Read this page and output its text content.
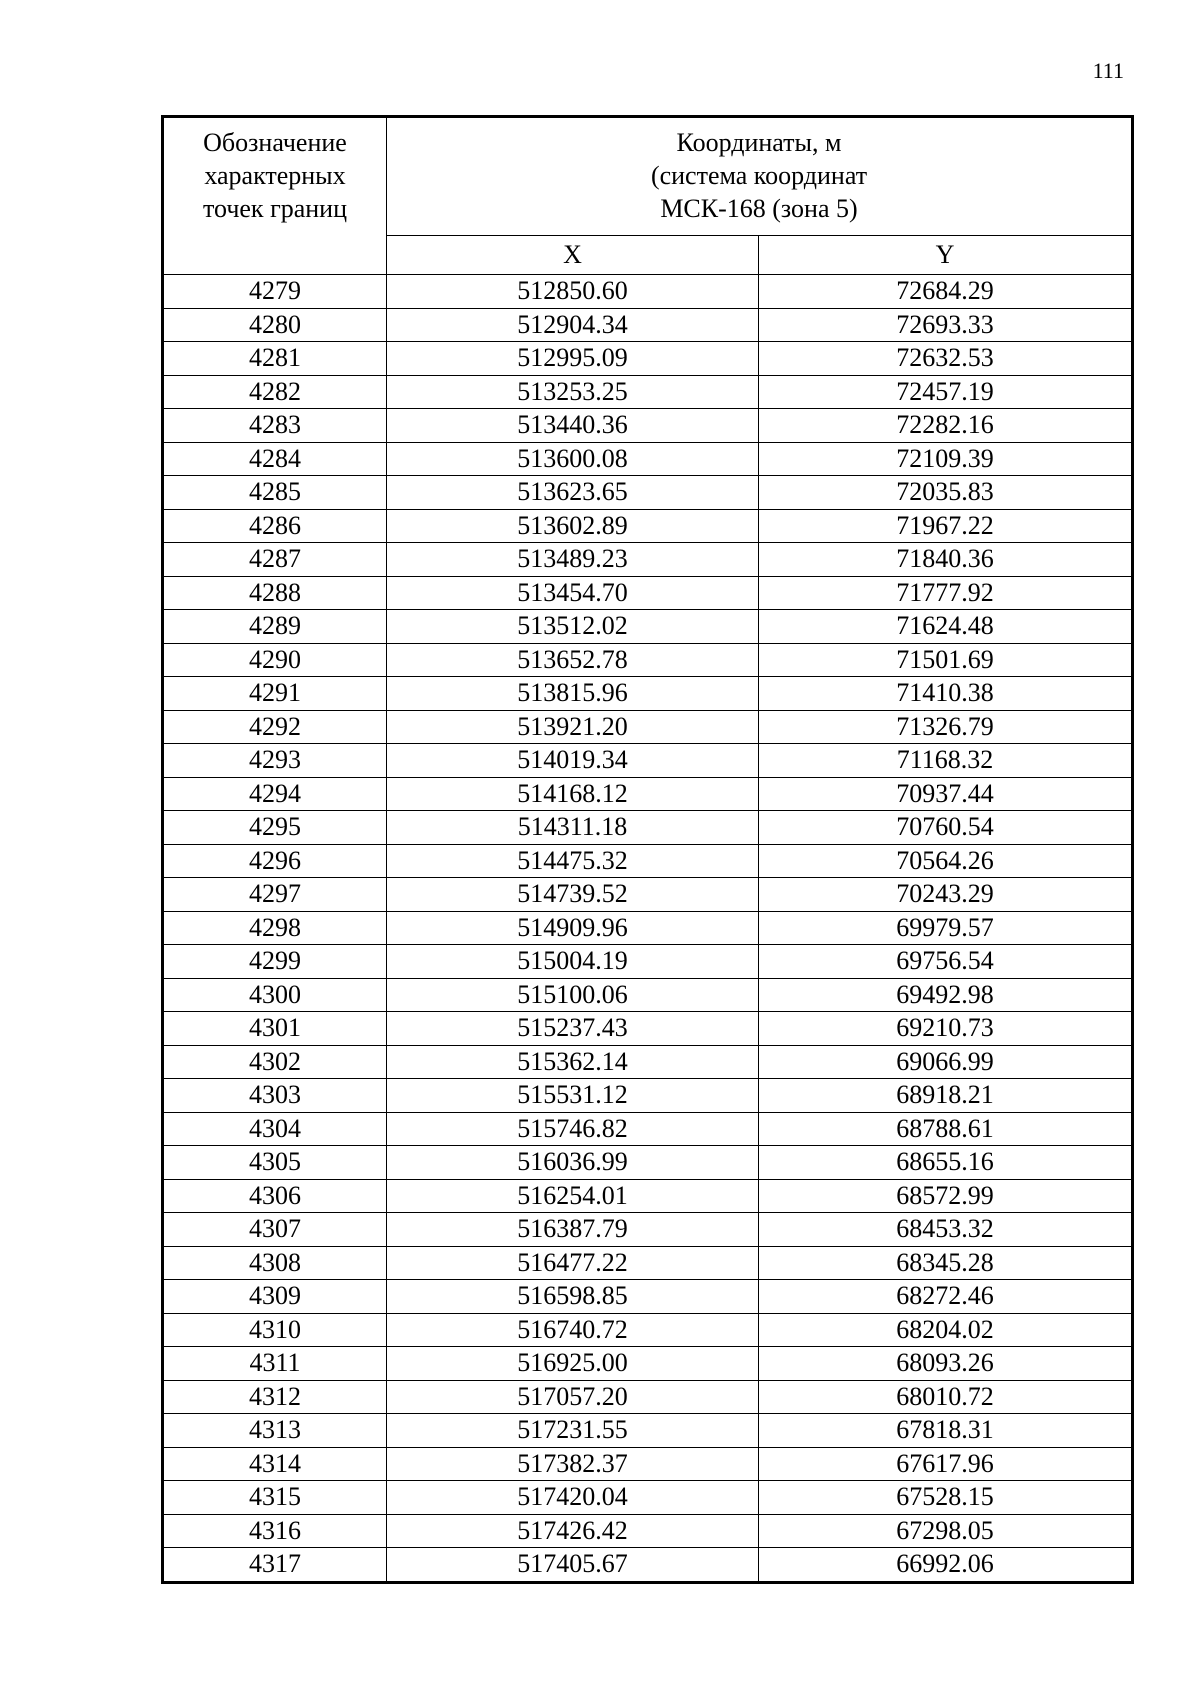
111
Обозначение
характерных
точек границ	Координаты, м
(система координат
МСК-168 (зона 5)	

	X	Y
4279	512850.60	72684.29
4280	512904.34	72693.33
4281	512995.09	72632.53
4282	513253.25	72457.19
4283	513440.36	72282.16
4284	513600.08	72109.39
4285	513623.65	72035.83
4286	513602.89	71967.22
4287	513489.23	71840.36
4288	513454.70	71777.92
4289	513512.02	71624.48
4290	513652.78	71501.69
4291	513815.96	71410.38
4292	513921.20	71326.79
4293	514019.34	71168.32
4294	514168.12	70937.44
4295	514311.18	70760.54
4296	514475.32	70564.26
4297	514739.52	70243.29
4298	514909.96	69979.57
4299	515004.19	69756.54
4300	515100.06	69492.98
4301	515237.43	69210.73
4302	515362.14	69066.99
4303	515531.12	68918.21
4304	515746.82	68788.61
4305	516036.99	68655.16
4306	516254.01	68572.99
4307	516387.79	68453.32
4308	516477.22	68345.28
4309	516598.85	68272.46
4310	516740.72	68204.02
4311	516925.00	68093.26
4312	517057.20	68010.72
4313	517231.55	67818.31
4314	517382.37	67617.96
4315	517420.04	67528.15
4316	517426.42	67298.05
4317	517405.67	66992.06
